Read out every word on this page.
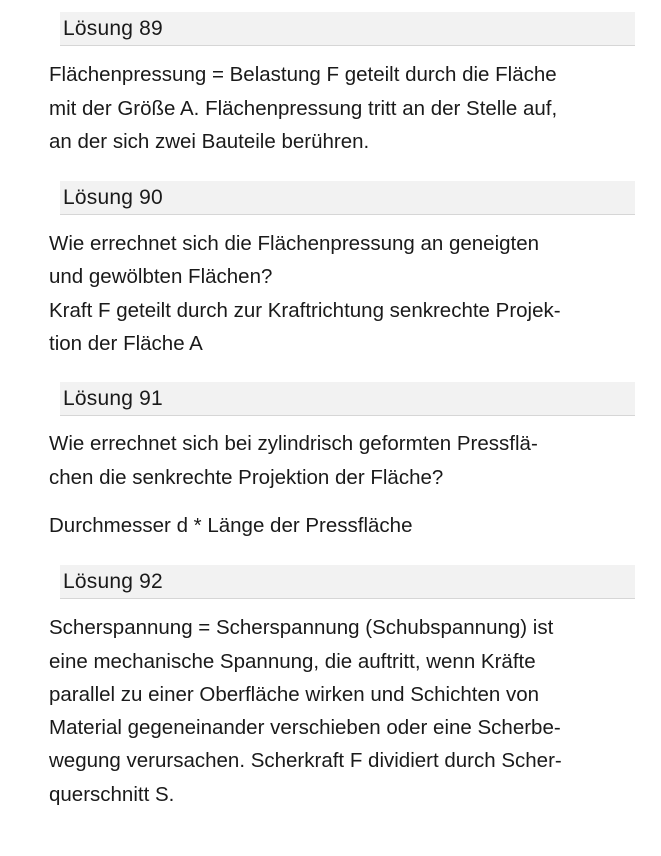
Lösung 89
Flächenpressung = Belastung F geteilt durch die Fläche
mit der Größe A. Flächenpressung tritt an der Stelle auf,
an der sich zwei Bauteile berühren.
Lösung 90
Wie errechnet sich die Flächenpressung an geneigten
und gewölbten Flächen?
Kraft F geteilt durch zur Kraftrichtung senkrechte Projek-
tion der Fläche A
Lösung 91
Wie errechnet sich bei zylindrisch geformten Pressflä-
chen die senkrechte Projektion der Fläche?
Durchmesser d * Länge der Pressfläche
Lösung 92
Scherspannung = Scherspannung (Schubspannung) ist
eine mechanische Spannung, die auftritt, wenn Kräfte
parallel zu einer Oberfläche wirken und Schichten von
Material gegeneinander verschieben oder eine Scherbe-
wegung verursachen. Scherkraft F dividiert durch Scher-
querschnitt S.
